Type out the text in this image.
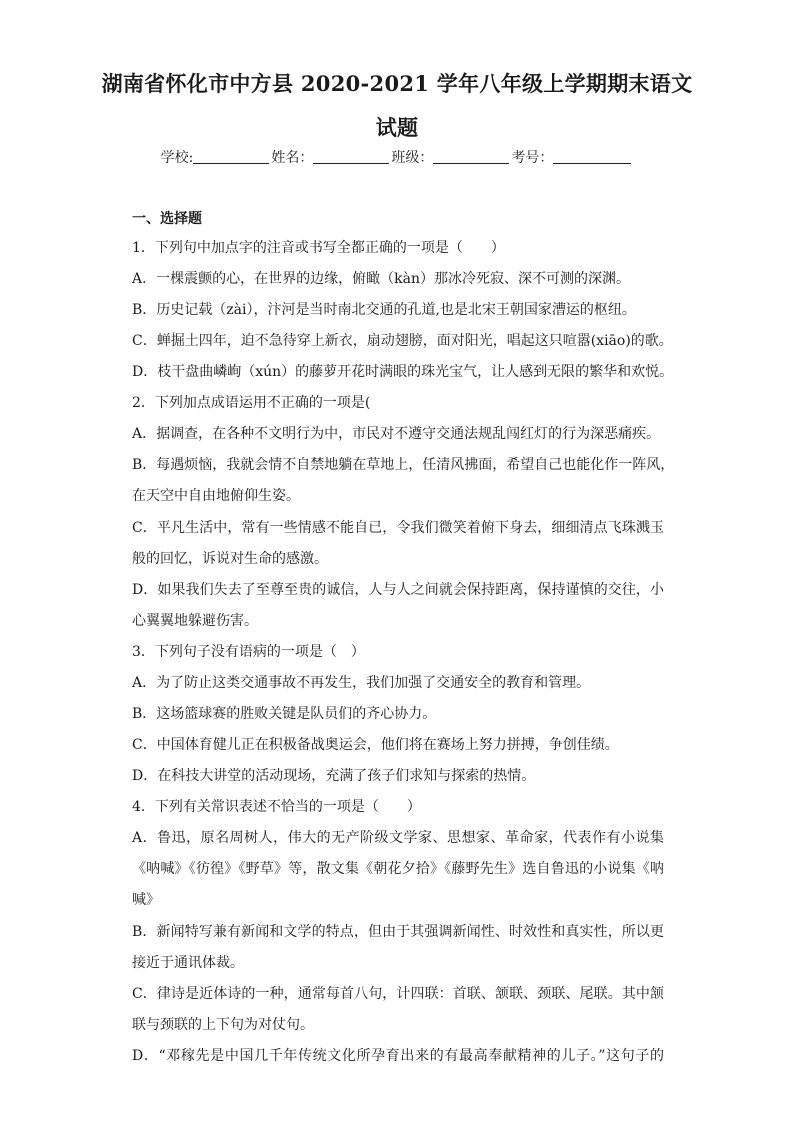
湖南省怀化市中方县 2020-2021 学年八年级上学期期末语文
试题
学校:	姓名：	班级：	考号：
一、选择题
1．下列句中加点字的注音或书写全都正确的一项是（　　）
A．一棵震颤的心，在世界的边缘，俯瞰（kàn）那冰冷死寂、深不可测的深渊。
B．历史记载（zài），汴河是当时南北交通的孔道,也是北宋王朝国家漕运的枢纽。
C．蝉掘土四年，迫不急待穿上新衣，扇动翅膀，面对阳光，唱起这只喧嚣(xiāo)的歌。
D．枝干盘曲嶙峋（xún）的藤萝开花时满眼的珠光宝气，让人感到无限的繁华和欢悦。
2．下列加点成语运用不正确的一项是(
A．据调查，在各种不文明行为中，市民对不遵守交通法规乱闯红灯的行为深恶痛疾。
B．每遇烦恼，我就会情不自禁地躺在草地上，任清风拂面，希望自己也能化作一阵风，
在天空中自由地俯仰生姿。
C．平凡生活中，常有一些情感不能自已，令我们微笑着俯下身去，细细清点飞珠溅玉
般的回忆，诉说对生命的感激。
D．如果我们失去了至尊至贵的诚信，人与人之间就会保持距离，保持谨慎的交往，小
心翼翼地躲避伤害。
3．下列句子没有语病的一项是（　）
A．为了防止这类交通事故不再发生，我们加强了交通安全的教育和管理。
B．这场篮球赛的胜败关键是队员们的齐心协力。
C．中国体育健儿正在积极备战奥运会，他们将在赛场上努力拼搏，争创佳绩。
D．在科技大讲堂的活动现场，充满了孩子们求知与探索的热情。
4．下列有关常识表述不恰当的一项是（　　）
A．鲁迅，原名周树人，伟大的无产阶级文学家、思想家、革命家，代表作有小说集
《呐喊》《彷徨》《野草》等，散文集《朝花夕拾》《藤野先生》选自鲁迅的小说集《呐
喊》
B．新闻特写兼有新闻和文学的特点，但由于其强调新闻性、时效性和真实性，所以更
接近于通讯体裁。
C．律诗是近体诗的一种，通常每首八句，计四联：首联、颔联、颈联、尾联。其中颔
联与颈联的上下句为对仗句。
D．“邓稼先是中国几千年传统文化所孕育出来的有最高奉献精神的儿子。”这句子的
